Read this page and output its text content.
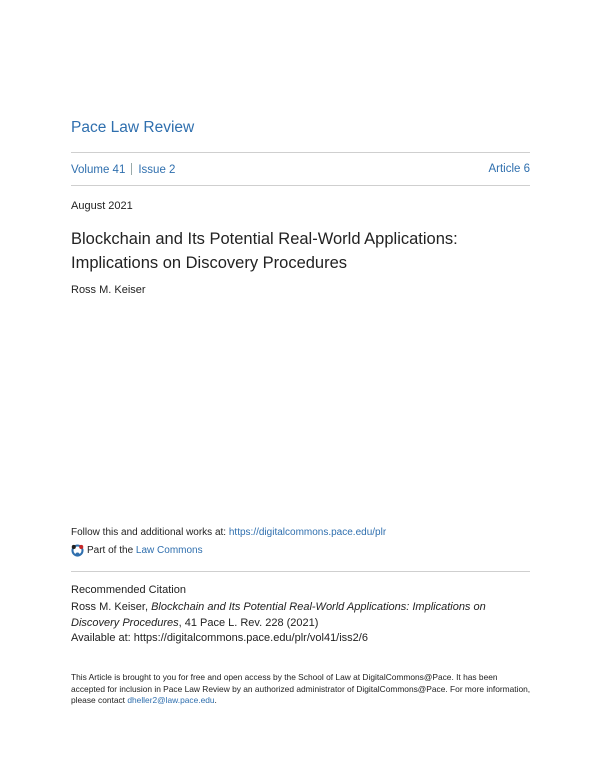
Pace Law Review
Volume 41 Issue 2	Article 6
August 2021
Blockchain and Its Potential Real-World Applications: Implications on Discovery Procedures
Ross M. Keiser
Follow this and additional works at: https://digitalcommons.pace.edu/plr
Part of the
Law Commons
Recommended Citation
Ross M. Keiser, Blockchain and Its Potential Real-World Applications: Implications on Discovery Procedures, 41 Pace L. Rev. 228 (2021)
Available at: https://digitalcommons.pace.edu/plr/vol41/iss2/6
This Article is brought to you for free and open access by the School of Law at DigitalCommons@Pace. It has been accepted for inclusion in Pace Law Review by an authorized administrator of DigitalCommons@Pace. For more information, please contact dheller2@law.pace.edu.
